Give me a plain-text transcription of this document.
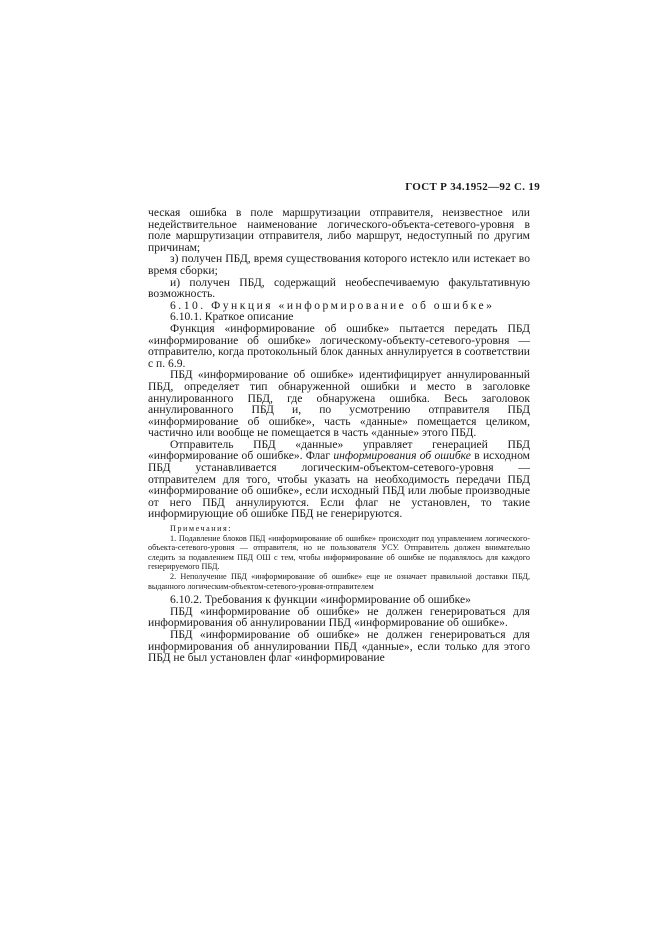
ГОСТ Р 34.1952—92 С. 19

ческая ошибка в поле маршрутизации отправителя, неизвестное или недействительное наименование логического-объекта-сетевого-уровня в поле маршрутизации отправителя, либо маршрут, недоступный по другим причинам;

з) получен ПБД, время существования которого истекло или истекает во время сборки;

и) получен ПБД, содержащий необеспечиваемую факультативную возможность.

6.10. Функция «информирование об ошибке»

6.10.1. Краткое описание

Функция «информирование об ошибке» пытается передать ПБД «информирование об ошибке» логическому-объекту-сетевого-уровня — отправителю, когда протокольный блок данных аннулируется в соответствии с п. 6.9.

ПБД «информирование об ошибке» идентифицирует аннулированный ПБД, определяет тип обнаруженной ошибки и место в заголовке аннулированного ПБД, где обнаружена ошибка. Весь заголовок аннулированного ПБД и, по усмотрению отправителя ПБД «информирование об ошибке», часть «данные» помещается целиком, частично или вообще не помещается в часть «данные» этого ПБД.

Отправитель ПБД «данные» управляет генерацией ПБД «информирование об ошибке». Флаг информирования об ошибке в исходном ПБД устанавливается логическим-объектом-сетевого-уровня — отправителем для того, чтобы указать на необходимость передачи ПБД «информирование об ошибке», если исходный ПБД или любые производные от него ПБД аннулируются. Если флаг не установлен, то такие информирующие об ошибке ПБД не генерируются.

Примечания:

1. Подавление блоков ПБД «информирование об ошибке» происходит под управлением логического-объекта-сетевого-уровня — отправителя, но не пользователя УСУ. Отправитель должен внимательно следить за подавлением ПБД ОШ с тем, чтобы информирование об ошибке не подавлялось для каждого генерируемого ПБД.

2. Неполучение ПБД «информирование об ошибке» еще не означает правильной доставки ПБД, выданного логическим-объектом-сетевого-уровня-отправителем

6.10.2. Требования к функции «информирование об ошибке»

ПБД «информирование об ошибке» не должен генерироваться для информирования об аннулировании ПБД «информирование об ошибке».

ПБД «информирование об ошибке» не должен генерироваться для информирования об аннулировании ПБД «данные», если только для этого ПБД не был установлен флаг «информирование
